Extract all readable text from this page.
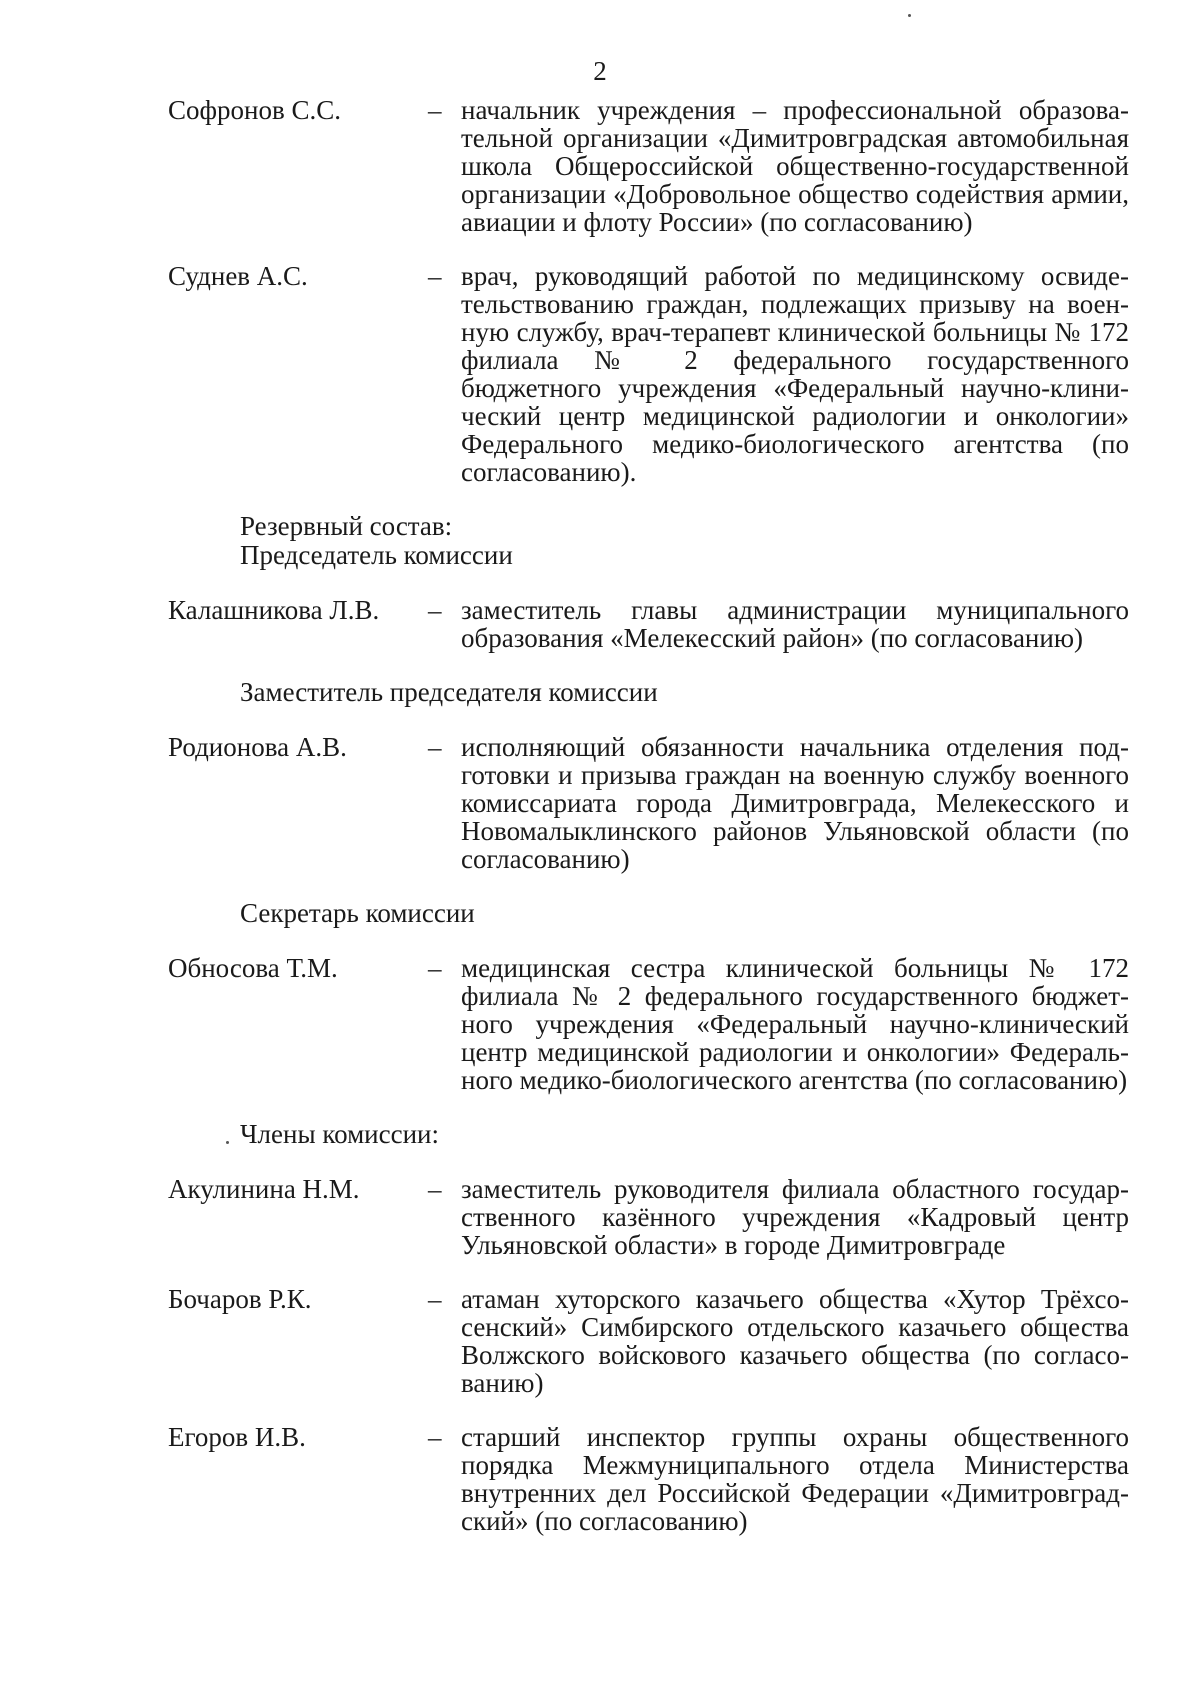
2
Софронов С.С.	– начальник учреждения – профессиональной образовательной организации «Димитровградская автомобильная школа Общероссийской общественно-государственной организации «Добровольное общество содействия армии, авиации и флоту России» (по согласованию)
Суднев А.С.	– врач, руководящий работой по медицинскому освидетельствованию граждан, подлежащих призыву на военную службу, врач-терапевт клинической больницы № 172 филиала № 2 федерального государственного бюджетного учреждения «Федеральный научно-клинический центр медицинской радиологии и онкологии» Федерального медико-биологического агентства (по согласованию).
Резервный состав:
Председатель комиссии
Калашникова Л.В.	– заместитель главы администрации муниципального образования «Мелекесский район» (по согласованию)
Заместитель председателя комиссии
Родионова А.В.	– исполняющий обязанности начальника отделения подготовки и призыва граждан на военную службу военного комиссариата города Димитровграда, Мелекесского и Новомалыклинского районов Ульяновской области (по согласованию)
Секретарь комиссии
Обносова Т.М.	– медицинская сестра клинической больницы № 172 филиала № 2 федерального государственного бюджетного учреждения «Федеральный научно-клинический центр медицинской радиологии и онкологии» Федерального медико-биологического агентства (по согласованию)
Члены комиссии:
Акулинина Н.М.	– заместитель руководителя филиала областного государственного казённого учреждения «Кадровый центр Ульяновской области» в городе Димитровграде
Бочаров Р.К.	– атаман хуторского казачьего общества «Хутор Трёхсосенский» Симбирского отдельского казачьего общества Волжского войскового казачьего общества (по согласованию)
Егоров И.В.	– старший инспектор группы охраны общественного порядка Межмуниципального отдела Министерства внутренних дел Российской Федерации «Димитровградский» (по согласованию)
